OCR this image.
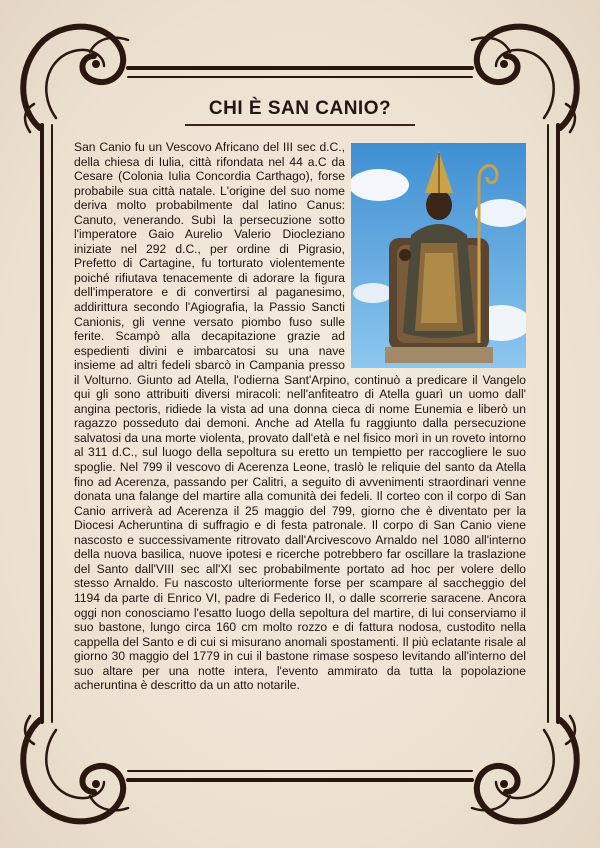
CHI È SAN CANIO?
San Canio fu un Vescovo Africano del III sec d.C., della chiesa di Iulia, città rifondata nel 44 a.C da Cesare (Colonia Iulia Concordia Carthago), forse probabile sua città natale. L'origine del suo nome deriva molto probabilmente dal latino Canus: Canuto, venerando. Subì la persecuzione sotto l'imperatore Gaio Aurelio Valerio Diocleziano iniziate nel 292 d.C., per ordine di Pigrasio, Prefetto di Cartagine, fu torturato violentemente poiché rifiutava tenacemente di adorare la figura dell'imperatore e di convertirsi al paganesimo, addirittura secondo l'Agiografia, la Passio Sancti Canionis, gli venne versato piombo fuso sulle ferite. Scampò alla decapitazione grazie ad espedienti divini e imbarcatosi su una nave insieme ad altri fedeli sbarcò in Campania presso il Volturno. Giunto ad Atella, l'odierna Sant'Arpino, continuò a predicare il Vangelo qui gli sono attribuiti diversi miracoli: nell'anfiteatro di Atella guarì un uomo dall' angina pectoris, ridiede la vista ad una donna cieca di nome Eunemia e liberò un ragazzo posseduto dai demoni. Anche ad Atella fu raggiunto dalla persecuzione salvatosi da una morte violenta, provato dall'età e nel fisico morì in un roveto intorno al 311 d.C., sul luogo della sepoltura su eretto un tempietto per raccogliere le suo spoglie. Nel 799 il vescovo di Acerenza Leone, traslò le reliquie del santo da Atella fino ad Acerenza, passando per Calitri, a seguito di avvenimenti straordinari venne donata una falange del martire alla comunità dei fedeli. Il corteo con il corpo di San Canio arriverà ad Acerenza il 25 maggio del 799, giorno che è diventato per la Diocesi Acheruntina di suffragio e di festa patronale. Il corpo di San Canio viene nascosto e successivamente ritrovato dall'Arcivescovo Arnaldo nel 1080 all'interno della nuova basilica, nuove ipotesi e ricerche potrebbero far oscillare la traslazione del Santo dall'VIII sec all'XI sec probabilmente portato ad hoc per volere dello stesso Arnaldo. Fu nascosto ulteriormente forse per scampare al saccheggio del 1194 da parte di Enrico VI, padre di Federico II, o dalle scorrerie saracene. Ancora oggi non conosciamo l'esatto luogo della sepoltura del martire, di lui conserviamo il suo bastone, lungo circa 160 cm molto rozzo e di fattura nodosa, custodito nella cappella del Santo e di cui si misurano anomali spostamenti. Il più eclatante risale al giorno 30 maggio del 1779 in cui il bastone rimase sospeso levitando all'interno del suo altare per una notte intera, l'evento ammirato da tutta la popolazione acheruntina è descritto da un atto notarile.
